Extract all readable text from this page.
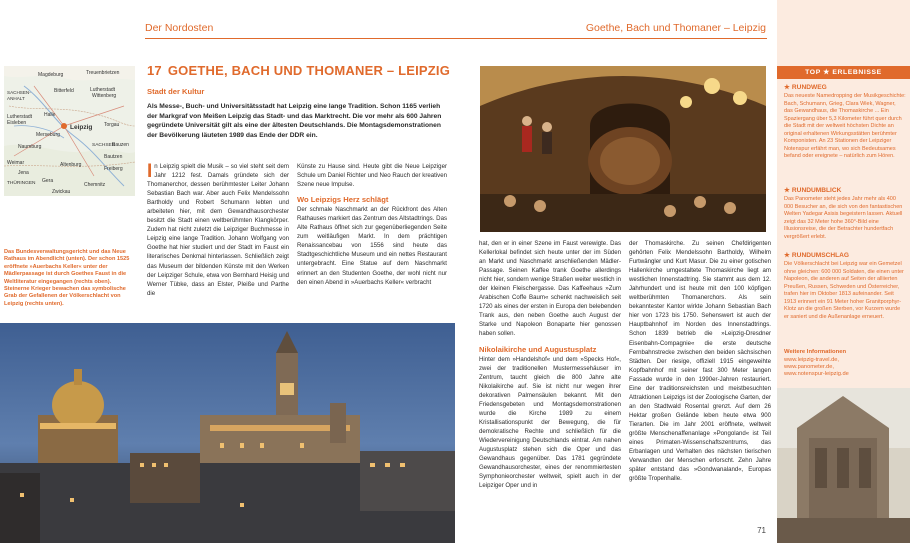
Der Nordosten
Magdeburg	Treuenbrietzen
SACHSEN-
ANHALT
Bitterfeld	Lutherstadt
Wittenberg
Lutherstadt
Eisleben
Halle
Leipzig
Merseburg
SACHSEN
Naumburg
Bautzen
Weimar
Jena
Altenburg
Freiberg
THÜRINGEN Gera
Chemnitz
Zwickau
Torgau
Bauzen
Das Bundesverwaltungsgericht und das Neue Rathaus im Abendlicht (unten). Der schon 1525 eröffnete »Auerbachs Keller« unter der Mädlerpassage ist durch Goethes Faust in die Weltliteratur eingegangen (rechts oben). Steinerne Krieger bewachen das symbolische Grab der Gefallenen der Völkerschlacht von Leipzig (rechts unten).
17 GOETHE, BACH UND THOMANER – LEIPZIG
Stadt der Kultur
Als Messe-, Buch- und Universitätsstadt hat Leipzig eine lange Tradition. Schon 1165 verlieh der Markgraf von Meißen Leipzig das Stadt- und das Marktrecht. Die vor mehr als 600 Jahren gegründete Universität gilt als eine der ältesten Deutschlands. Die Montagsdemonstrationen der Bevölkerung läuteten 1989 das Ende der DDR ein.

In Leipzig spielt die Musik – so viel steht seit dem Jahr 1212 fest. Damals gründete sich der Thomanerchor, dessen berühmtester Leiter Johann Sebastian Bach war. Aber auch Felix Mendelssohn Bartholdy und Robert Schumann lebten und arbeiteten hier, mit dem Gewandhausorchester besitzt die Stadt einen weltberühmten Klangkörper. Zudem hat nicht zuletzt die Leipziger Buchmesse in Leipzig eine lange Tradition. Johann Wolfgang von Goethe hat hier studiert und der Stadt im Faust ein literarisches Denkmal hinterlassen. Schließlich zeigt das Museum der bildenden Künste mit den Werken der Leipziger Schule, etwa von Bernhard Heisig und Werner Tübke, dass an Elster, Pleiße und Parthe die

Künste zu Hause sind. Heute gibt die Neue Leipziger Schule um Daniel Richter und Neo Rauch der kreativen Szene neue Impulse.

Wo Leipzigs Herz schlägt

Der schmale Naschmarkt an der Rückfront des Alten Rathauses markiert das Zentrum des Altstadtrings. Das Alte Rathaus öffnet sich zur gegenüberliegenden Seite zum weitläufigen Markt. In dem prächtigen Renaissancebau von 1556 sind heute das Stadtgeschichtliche Museum und ein nettes Restaurant untergebracht. Eine Statue auf dem Naschmarkt erinnert an den Studenten Goethe, der wohl nicht nur den einen Abend in »Auerbachs Keller« verbracht

Goethe, Bach und Thomaner – Leipzig

hat, den er in einer Szene im Faust verewigte. Das Kellerlokal befindet sich heute unter der im Süden an Markt und Naschmarkt anschließenden Mädler-Passage. Seinen Kaffee trank Goethe allerdings nicht hier, sondern wenige Straßen weiter westlich in der kleinen Fleischergasse. Das Kaffeehaus »Zum Arabischen Coffe Baum« schenkt nachweislich seit 1720 als eines der ersten in Europa den belebenden Trank aus, den neben Goethe auch August der Starke und Napoleon Bonaparte hier genossen haben sollen.

Nikolaikirche und Augustusplatz

Hinter dem »Handelshof« und dem »Specks Hof«, zwei der traditionellen Mustermessehäuser im Zentrum, taucht gleich die 800 Jahre alte Nikolaikirche auf. Sie ist nicht nur wegen ihrer dekorativen Palmensäulen bekannt. Mit den Friedensgebeten und Montagsdemonstrationen wurde die Kirche 1989 zu einem Kristallisationspunkt der Bewegung, die für demokratische Rechte und schließlich für die Wiedervereinigung Deutschlands eintrat. Am nahen Augustusplatz stehen sich die Oper und das Gewandhaus gegenüber. Das 1781 gegründete Gewandhausorchester, eines der renommiertesten Symphonieorchester weltweit, spielt auch in der Leipziger Oper und in

der Thomaskirche. Zu seinen Chefdirigenten gehörten Felix Mendelssohn Bartholdy, Wilhelm Furtwängler und Kurt Masur. Die zu einer gotischen Hallenkirche umgestaltete Thomaskirche liegt am westlichen Innenstadtring. Sie stammt aus dem 12. Jahrhundert und ist heute mit den 100 köpfigen weltberühmten Thomanerchors. Als sein bekanntester Kantor wirkte Johann Sebastian Bach hier von 1723 bis 1750. Sehenswert ist auch der Hauptbahnhof im Norden des Innenstadtrings. Schon 1839 betrieb die »Leipzig-Dresdner Eisenbahn-Compagnie« die erste deutsche Fernbahnstrecke zwischen den beiden sächsischen Städten. Der riesige, offiziell 1915 eingeweihte Kopfbahnhof mit seiner fast 300 Meter langen Fassade wurde in den 1990er-Jahren restauriert. Eine der traditionsreichsten und meistbesuchten Attraktionen Leipzigs ist der Zoologische Garten, der an den Stadtwald Rosental grenzt. Auf dem 26 Hektar großen Gelände leben heute etwa 900 Tierarten. Die im Jahr 2001 eröffnete, weltweit größte Menschenaffenanlage »Pongoland« ist Teil eines Primaten-Wissenschaftszentrums, das Erbanlagen und Verhalten des nächsten tierischen Verwandten der Menschen erforscht. Zehn Jahre später entstand das »Gondwanaland«, Europas größte Tropenhalle.

71
TOP ★ ERLEBNISSE
★ RUNDWEG
Das neueste Namedropping der Musikgeschichte: Bach, Schumann, Grieg, Clara Wiek, Wagner, das Gewandhaus, die Thomaskirche ... Ein Spaziergang über 5,3 Kilometer führt quer durch die Stadt mit der weltweit höchsten Dichte an original erhaltenen Wirkungsstätten berühmter Komponisten. An 23 Stationen der Leipziger Notenspur erfährt man, wo sich Bedeutsames befand oder ereignete – natürlich zum Hören.
★ RUNDUMBLICK
Das Panometer steht jedes Jahr mehr als 400 000 Besucher an, die sich von den fantastischen Welten Yadegar Asisis begeistern lassen. Aktuell zeigt das 32 Meter hohe 360°-Bild eine Illusionsreise, die der Betrachter hundertfach vergrößert erlebt.
★ RUNDUMSCHLAG
Die Völkerschlacht bei Leipzig war ein Gemetzel ohne gleichen: 600 000 Soldaten, die einen unter Napoleon, die anderen auf Seiten der alliierten Preußen, Russen, Schweden und Österreicher, trafen hier im Oktober 1813 aufeinander. Seit 1913 erinnert ein 91 Meter hoher Granitporphyr-Klotz an die großen Sterben, vor Kurzem wurde er saniert und die Außenanlage erneuert.
Weitere Informationen
www.leipzig-travel.de,
www.panometer.de,
www.notenspur-leipzig.de
